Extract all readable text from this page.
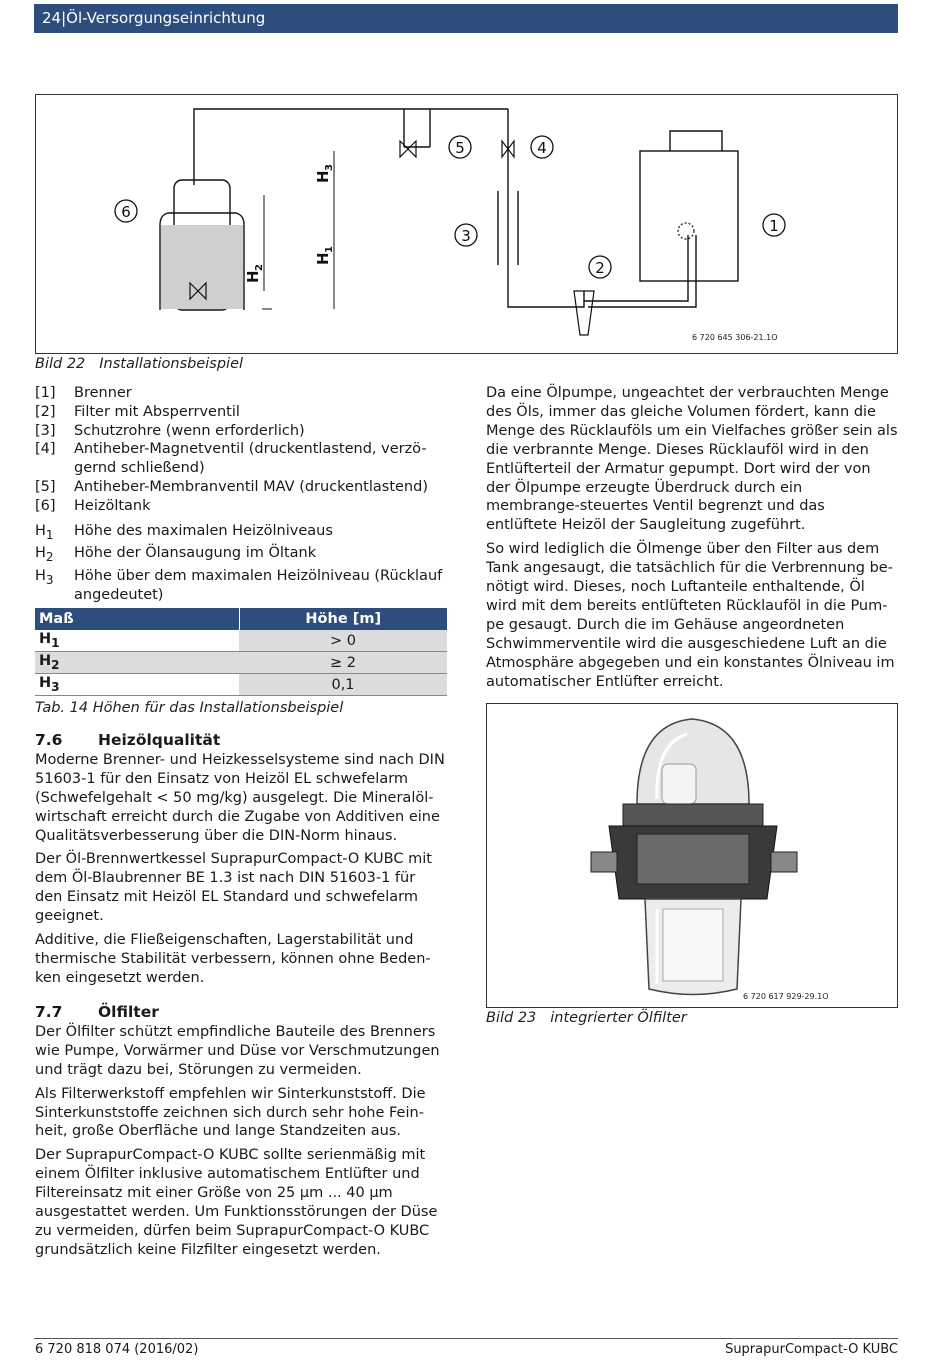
24|Öl-Versorgungseinrichtung
1
2
3
4
5
6
H
1
H
2
H
3
6 720 645 306-21.1O
Bild 22 Installationsbeispiel
[1]	Brenner
[2]	Filter mit Absperrventil
[3]	Schutzrohre (wenn erforderlich)
[4]	Antiheber-Magnetventil (druckentlastend, verzö-gernd schließend)
[5]	Antiheber-Membranventil MAV (druckentlastend)
[6]	Heizöltank
$H_1$	Höhe des maximalen Heizölniveaus
$H_2$	Höhe der Ölansaugung im Öltank
$H_3$	Höhe über dem maximalen Heizölniveau (Rücklauf angedeutet)
Maß	Höhe [m]
$H_1$	> 0
$H_2$	≥ 2
$H_3$	0,1
Tab. 14 Höhen für das Installationsbeispiel
7.6	Heizölqualität

Moderne Brenner- und Heizkesselsysteme sind nach DIN 51603-1 für den Einsatz von Heizöl EL schwefelarm (Schwefelgehalt < 50 mg/kg) ausgelegt. Die Mineralöl-wirtschaft erreicht durch die Zugabe von Additiven eine Qualitätsverbesserung über die DIN-Norm hinaus.

Der Öl-Brennwertkessel SuprapurCompact-O KUBC mit dem Öl-Blaubrenner BE 1.3 ist nach DIN 51603-1 für den Einsatz mit Heizöl EL Standard und schwefelarm geeignet.

Additive, die Fließeigenschaften, Lagerstabilität und thermische Stabilität verbessern, können ohne Beden-ken eingesetzt werden.

7.7	Ölfilter

Der Ölfilter schützt empfindliche Bauteile des Brenners wie Pumpe, Vorwärmer und Düse vor Verschmutzungen und trägt dazu bei, Störungen zu vermeiden.

Als Filterwerkstoff empfehlen wir Sinterkunststoff. Die Sinterkunststoffe zeichnen sich durch sehr hohe Fein-heit, große Oberfläche und lange Standzeiten aus.

Der SuprapurCompact-O KUBC sollte serienmäßig mit einem Ölfilter inklusive automatischem Entlüfter und Filtereinsatz mit einer Größe von 25 µm ... 40 µm ausgestattet werden. Um Funktionsstörungen der Düse zu vermeiden, dürfen beim SuprapurCompact-O KUBC grundsätzlich keine Filzfilter eingesetzt werden.

Da eine Ölpumpe, ungeachtet der verbrauchten Menge des Öls, immer das gleiche Volumen fördert, kann die Menge des Rücklauföls um ein Vielfaches größer sein als die verbrannte Menge. Dieses Rücklauföl wird in den Entlüfterteil der Armatur gepumpt. Dort wird der von der Ölpumpe erzeugte Überdruck durch ein membrange-steuertes Ventil begrenzt und das entlüftete Heizöl der Saugleitung zugeführt.

So wird lediglich die Ölmenge über den Filter aus dem Tank angesaugt, die tatsächlich für die Verbrennung be-nötigt wird. Dieses, noch Luftanteile enthaltende, Öl wird mit dem bereits entlüfteten Rücklauföl in die Pum-pe gesaugt. Durch die im Gehäuse angeordneten Schwimmerventile wird die ausgeschiedene Luft an die Atmosphäre abgegeben und ein konstantes Ölniveau im automatischer Entlüfter erreicht.

6 720 617 929-29.1O
Bild 23 integrierter Ölfilter
6 720 818 074 (2016/02)	SuprapurCompact-O KUBC
